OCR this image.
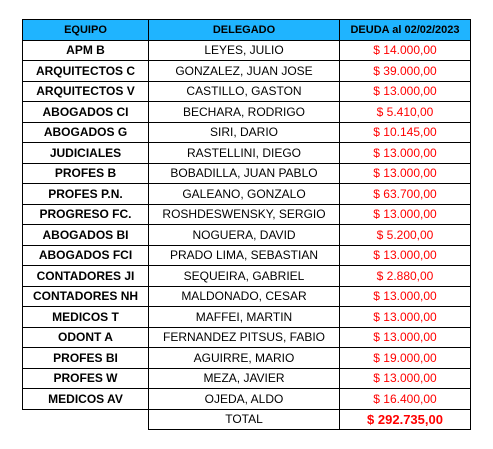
EQUIPO	DELEGADO	DEUDA al 02/02/2023
APM B	LEYES, JULIO	$ 14.000,00
ARQUITECTOS C	GONZALEZ, JUAN JOSE	$ 39.000,00
ARQUITECTOS V	CASTILLO, GASTON	$ 13.000,00
ABOGADOS CI	BECHARA, RODRIGO	$ 5.410,00
ABOGADOS G	SIRI, DARIO	$ 10.145,00
JUDICIALES	RASTELLINI, DIEGO	$ 13.000,00
PROFES B	BOBADILLA, JUAN PABLO	$ 13.000,00
PROFES P.N.	GALEANO, GONZALO	$ 63.700,00
PROGRESO FC.	ROSHDESWENSKY, SERGIO	$ 13.000,00
ABOGADOS BI	NOGUERA, DAVID	$ 5.200,00
ABOGADOS FCI	PRADO LIMA, SEBASTIAN	$ 13.000,00
CONTADORES JI	SEQUEIRA, GABRIEL	$ 2.880,00
CONTADORES NH	MALDONADO, CESAR	$ 13.000,00
MEDICOS T	MAFFEI, MARTIN	$ 13.000,00
ODONT A	FERNANDEZ PITSUS, FABIO	$ 13.000,00
PROFES BI	AGUIRRE, MARIO	$ 19.000,00
PROFES W	MEZA, JAVIER	$ 13.000,00
MEDICOS AV	OJEDA, ALDO	$ 16.400,00
	TOTAL	$ 292.735,00
